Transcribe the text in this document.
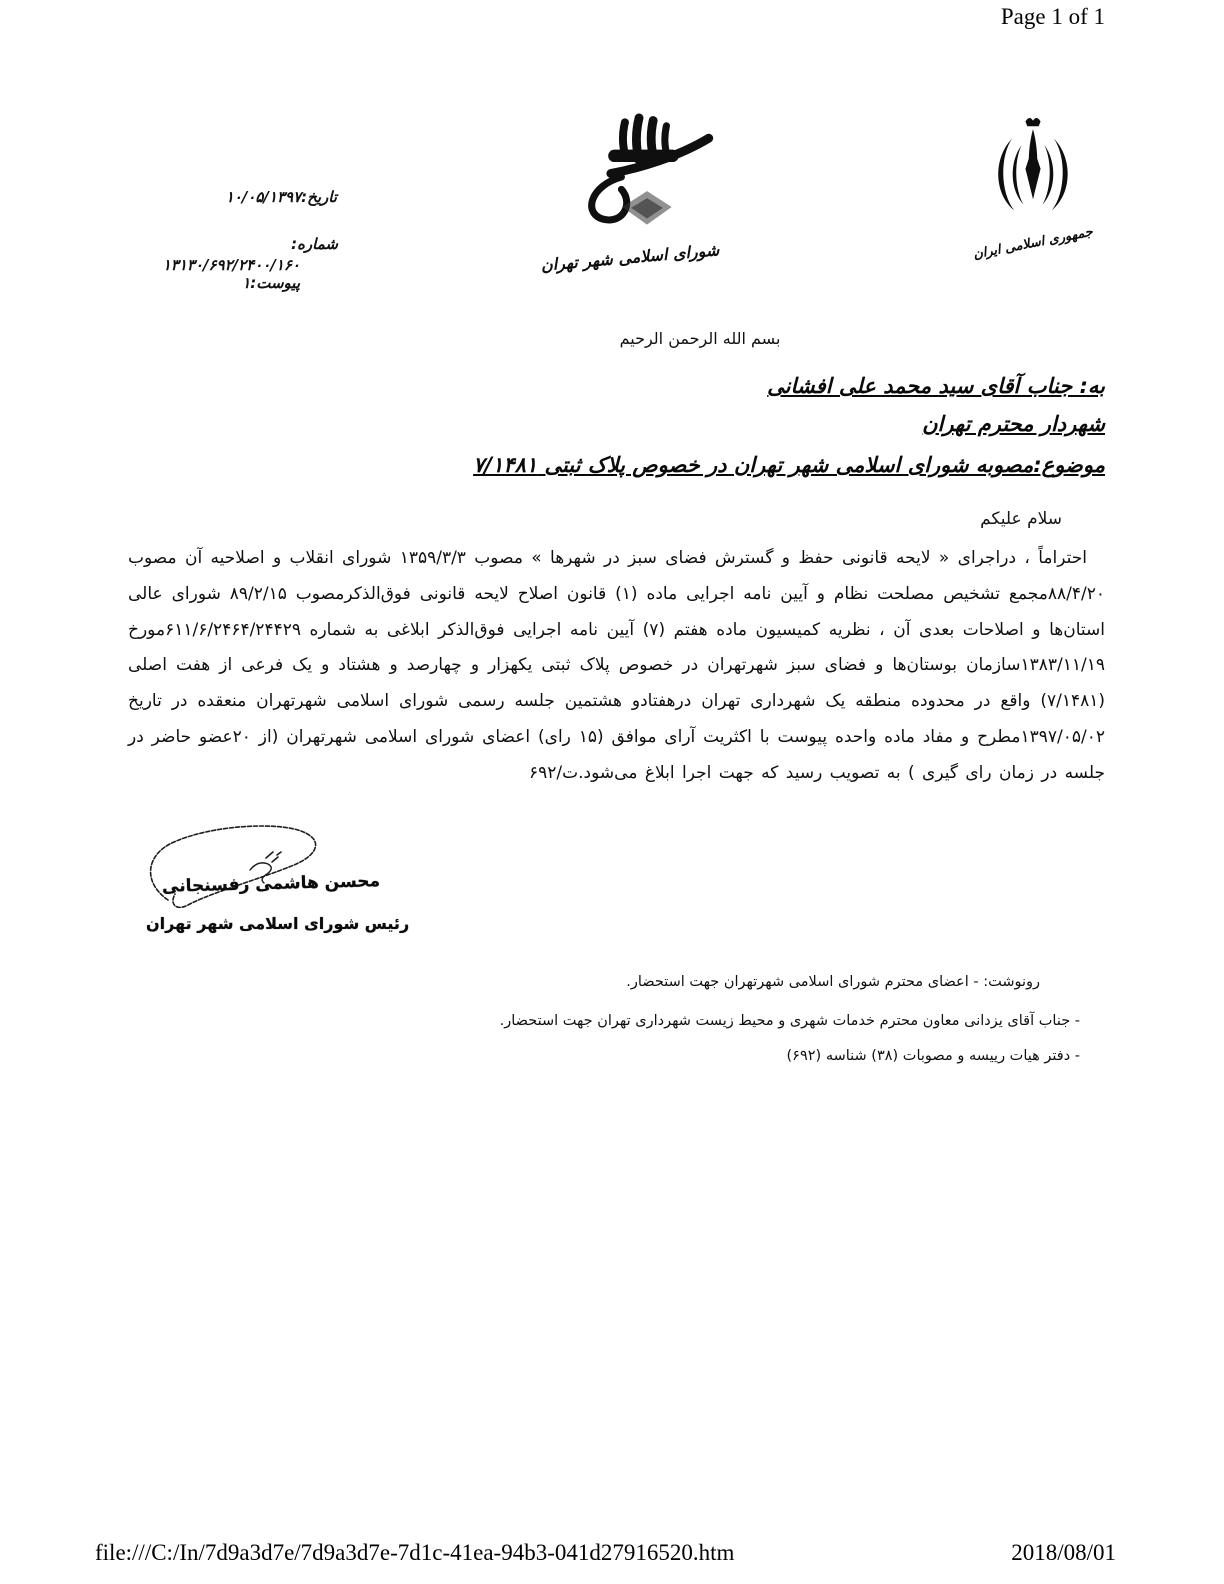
Page 1 of 1
تاریخ:۱۰/۰۵/۱۳۹۷
شماره:
۱۳۱۳۰/۶۹۲/۲۴۰۰/۱۶۰
پیوست:۱
شورای اسلامی شهر تهران	جمهوری اسلامی ایران
بسم الله الرحمن الرحيم
به: جناب آقای سید محمد علی افشانی
شهردار محترم تهران
موضوع:مصوبه شورای اسلامی شهر تهران در خصوص پلاک ثبتی ۷/۱۴۸۱
سلام علیکم

احتراماً ، دراجرای « لایحه قانونی حفظ و گسترش فضای سبز در شهرها » مصوب ۱۳۵۹/۳/۳ شورای انقلاب و اصلاحیه آن مصوب ۸۸/۴/۲۰مجمع تشخیص مصلحت نظام و آیین نامه اجرایی ماده (۱) قانون اصلاح لایحه قانونی فوق‌الذکرمصوب ۸۹/۲/۱۵ شورای عالی استان‌ها و اصلاحات بعدی آن ، نظریه کمیسیون ماده هفتم (۷) آیین نامه اجرایی فوق‌الذکر ابلاغی به شماره ۶۱۱/۶/۲۴۶۴/۲۴۴۲۹مورخ ۱۳۸۳/۱۱/۱۹سازمان بوستان‌ها و فضای سبز شهرتهران در خصوص پلاک ثبتی یکهزار و چهارصد و هشتاد و یک فرعی از هفت اصلی (۷/۱۴۸۱) واقع در محدوده منطقه یک شهرداری تهران درهفتادو هشتمین جلسه رسمی شورای اسلامی شهرتهران منعقده در تاریخ ۱۳۹۷/۰۵/۰۲مطرح و مفاد ماده واحده پیوست با اکثریت آرای موافق (۱۵ رای) اعضای شورای اسلامی شهرتهران (از ۲۰عضو حاضر در جلسه در زمان رای گیری ) به تصویب رسید که جهت اجرا ابلاغ می‌شود.ت/۶۹۲

محسن هاشمی رفسنجانی
رئیس شورای اسلامی شهر تهران
رونوشت: - اعضای محترم شورای اسلامی شهرتهران جهت استحضار.
- جناب آقای یزدانی معاون محترم خدمات شهری و محیط زیست شهرداری تهران جهت استحضار.
- دفتر هیات رییسه و مصوبات (۳۸) شناسه (۶۹۲)
file:///C:/In/7d9a3d7e/7d9a3d7e-7d1c-41ea-94b3-041d27916520.htm	2018/08/01
